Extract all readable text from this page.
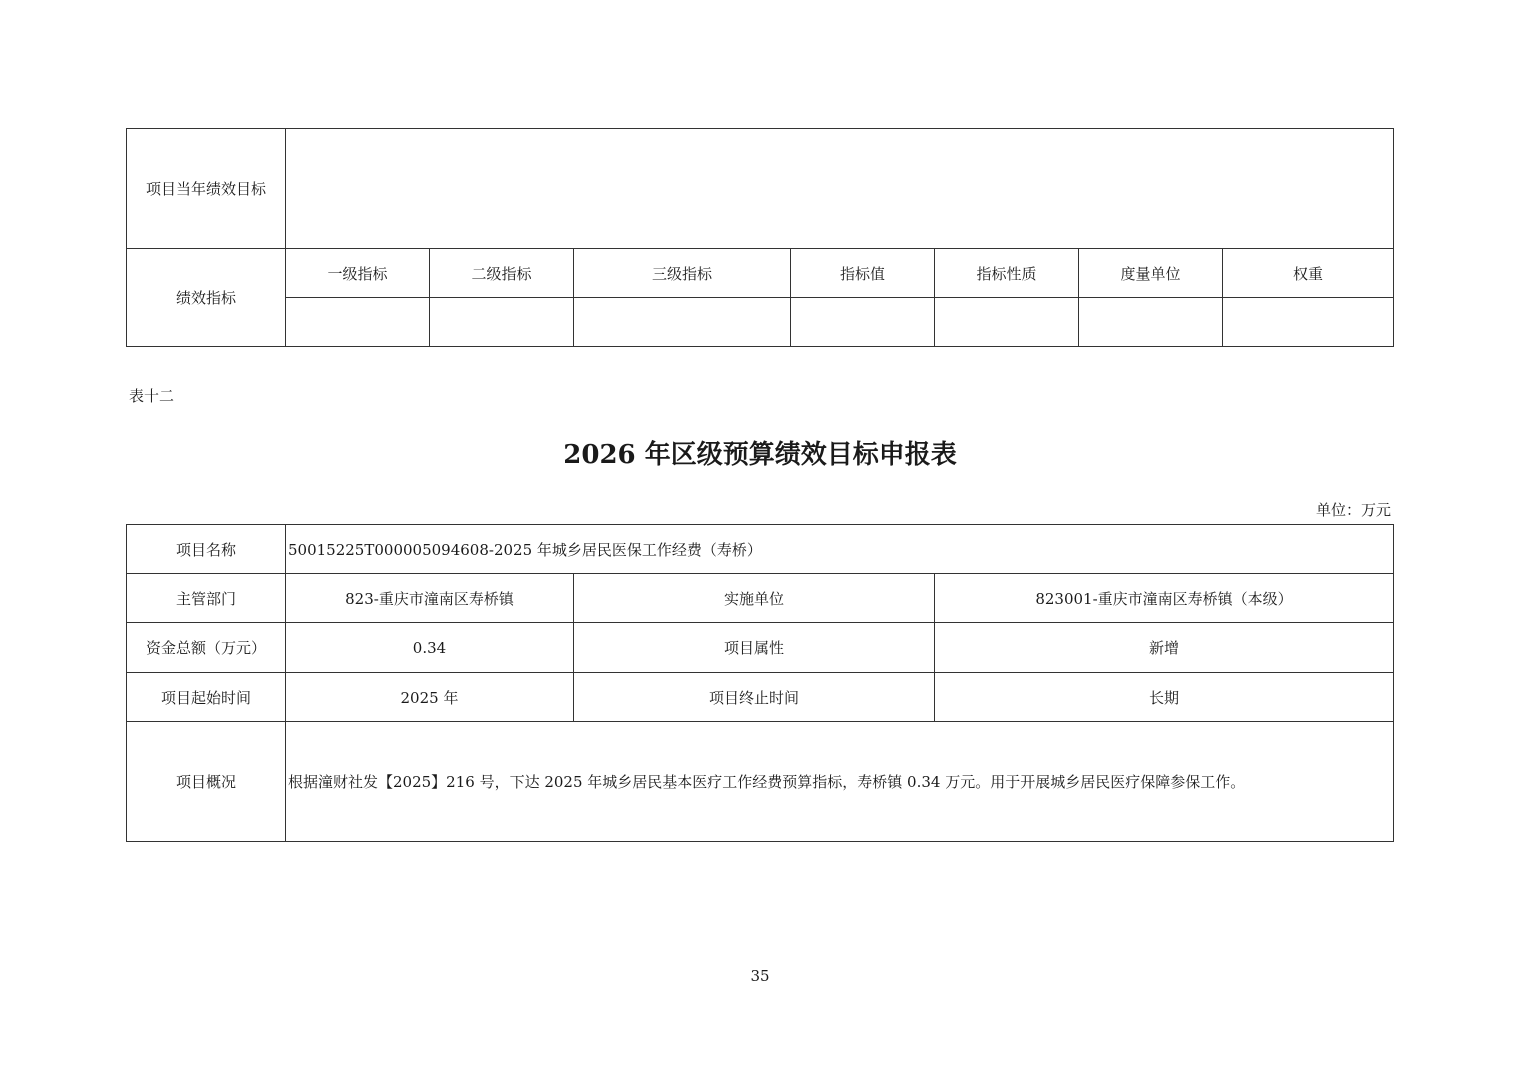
项目当年绩效目标							
绩效指标	一级指标	二级指标	三级指标	指标值	指标性质	度量单位	权重

表十二
2026 年区级预算绩效目标申报表
单位：万元
项目名称	50015225T000005094608-2025 年城乡居民医保工作经费（寿桥）		
主管部门	823-重庆市潼南区寿桥镇	实施单位	823001-重庆市潼南区寿桥镇（本级）
资金总额（万元）	0.34	项目属性	新增
项目起始时间	2025 年	项目终止时间	长期
项目概况	根据潼财社发【2025】216 号，下达 2025 年城乡居民基本医疗工作经费预算指标，寿桥镇 0.34 万元。用于开展城乡居民医疗保障参保工作。		
35
